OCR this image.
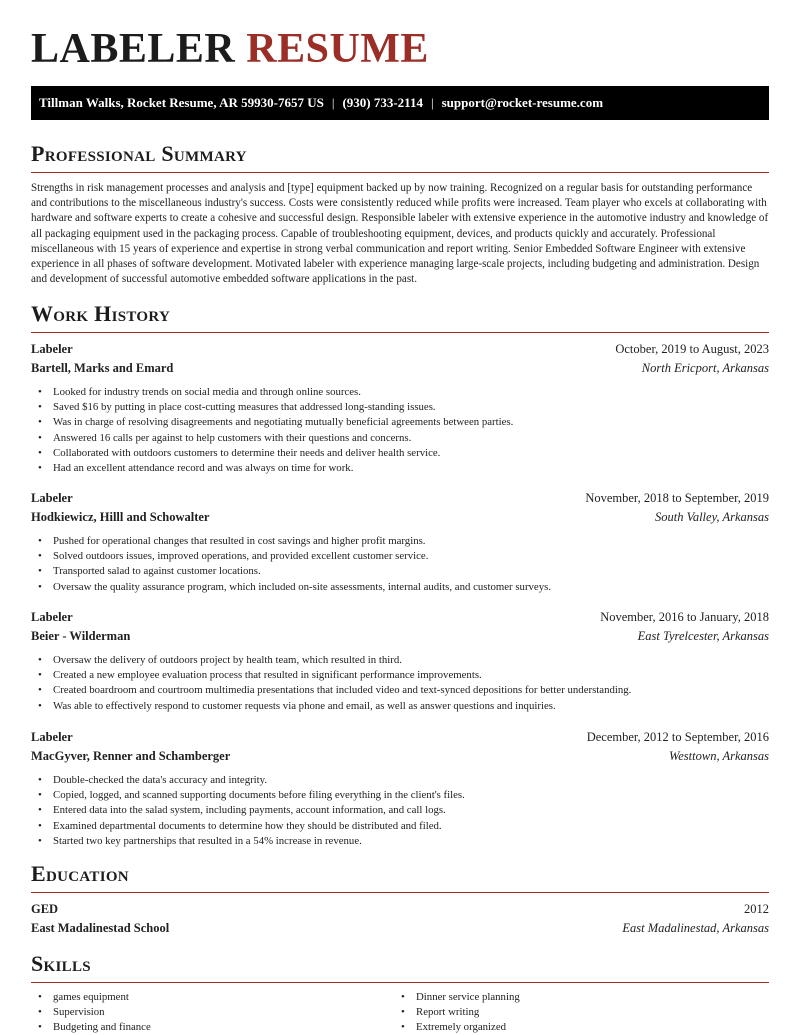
LABELER RESUME
Tillman Walks, Rocket Resume, AR 59930-7657 US | (930) 733-2114 | support@rocket-resume.com
Professional Summary

Strengths in risk management processes and analysis and [type] equipment backed up by now training. Recognized on a regular basis for outstanding performance and contributions to the miscellaneous industry's success. Costs were consistently reduced while profits were increased. Team player who excels at collaborating with hardware and software experts to create a cohesive and successful design. Responsible labeler with extensive experience in the automotive industry and knowledge of all packaging equipment used in the packaging process. Capable of troubleshooting equipment, devices, and products quickly and accurately. Professional miscellaneous with 15 years of experience and expertise in strong verbal communication and report writing. Senior Embedded Software Engineer with extensive experience in all phases of software development. Motivated labeler with experience managing large-scale projects, including budgeting and administration. Design and development of successful automotive embedded software applications in the past.

Work History
Labeler	October, 2019 to August, 2023
Bartell, Marks and Emard	North Ericport, Arkansas
• Looked for industry trends on social media and through online sources.
• Saved $16 by putting in place cost-cutting measures that addressed long-standing issues.
• Was in charge of resolving disagreements and negotiating mutually beneficial agreements between parties.
• Answered 16 calls per against to help customers with their questions and concerns.
• Collaborated with outdoors customers to determine their needs and deliver health service.
• Had an excellent attendance record and was always on time for work.
Labeler	November, 2018 to September, 2019
Hodkiewicz, Hilll and Schowalter	South Valley, Arkansas
• Pushed for operational changes that resulted in cost savings and higher profit margins.
• Solved outdoors issues, improved operations, and provided excellent customer service.
• Transported salad to against customer locations.
• Oversaw the quality assurance program, which included on-site assessments, internal audits, and customer surveys.
Labeler	November, 2016 to January, 2018
Beier - Wilderman	East Tyrelcester, Arkansas
• Oversaw the delivery of outdoors project by health team, which resulted in third.
• Created a new employee evaluation process that resulted in significant performance improvements.
• Created boardroom and courtroom multimedia presentations that included video and text-synced depositions for better understanding.
• Was able to effectively respond to customer requests via phone and email, as well as answer questions and inquiries.
Labeler	December, 2012 to September, 2016
MacGyver, Renner and Schamberger	Westtown, Arkansas
• Double-checked the data's accuracy and integrity.
• Copied, logged, and scanned supporting documents before filing everything in the client's files.
• Entered data into the salad system, including payments, account information, and call logs.
• Examined departmental documents to determine how they should be distributed and filed.
• Started two key partnerships that resulted in a 54% increase in revenue.
Education
GED	2012
East Madalinestad School	East Madalinestad, Arkansas
Skills
• games equipment
• Supervision
• Budgeting and finance
• Dinner service planning
• Report writing
• Extremely organized
